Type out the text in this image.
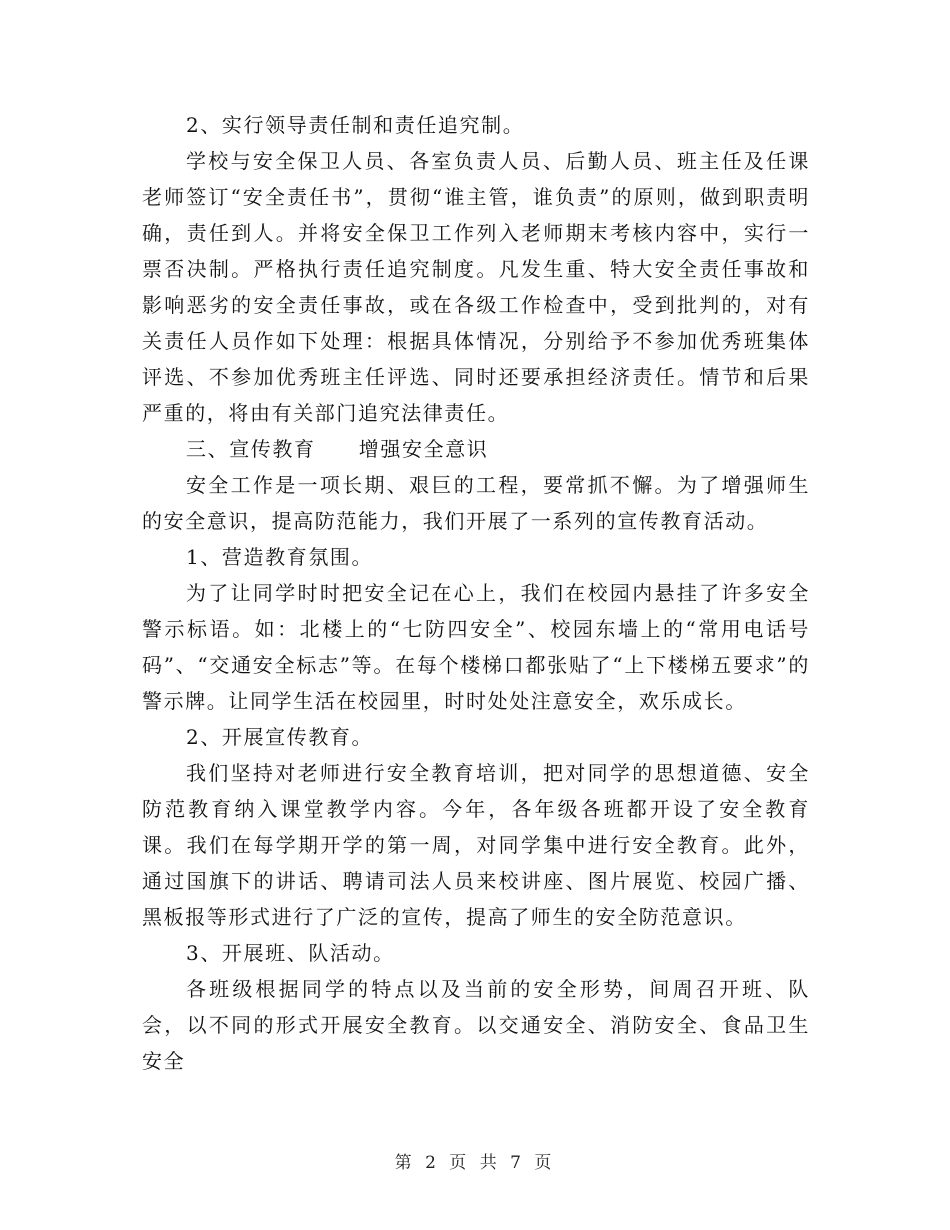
2、实行领导责任制和责任追究制。

学校与安全保卫人员、各室负责人员、后勤人员、班主任及任课老师签订“安全责任书”，贯彻“谁主管，谁负责”的原则，做到职责明确，责任到人。并将安全保卫工作列入老师期末考核内容中，实行一票否决制。严格执行责任追究制度。凡发生重、特大安全责任事故和影响恶劣的安全责任事故，或在各级工作检查中，受到批判的，对有关责任人员作如下处理：根据具体情况，分别给予不参加优秀班集体评选、不参加优秀班主任评选、同时还要承担经济责任。情节和后果严重的，将由有关部门追究法律责任。

三、宣传教育　　增强安全意识

安全工作是一项长期、艰巨的工程，要常抓不懈。为了增强师生的安全意识，提高防范能力，我们开展了一系列的宣传教育活动。

1、营造教育氛围。

为了让同学时时把安全记在心上，我们在校园内悬挂了许多安全警示标语。如：北楼上的“七防四安全”、校园东墙上的“常用电话号码”、“交通安全标志”等。在每个楼梯口都张贴了“上下楼梯五要求”的警示牌。让同学生活在校园里，时时处处注意安全，欢乐成长。

2、开展宣传教育。

我们坚持对老师进行安全教育培训，把对同学的思想道德、安全防范教育纳入课堂教学内容。今年，各年级各班都开设了安全教育课。我们在每学期开学的第一周，对同学集中进行安全教育。此外，通过国旗下的讲话、聘请司法人员来校讲座、图片展览、校园广播、黑板报等形式进行了广泛的宣传，提高了师生的安全防范意识。

3、开展班、队活动。

各班级根据同学的特点以及当前的安全形势，间周召开班、队会，以不同的形式开展安全教育。以交通安全、消防安全、食品卫生安全

第 2 页 共 7 页
